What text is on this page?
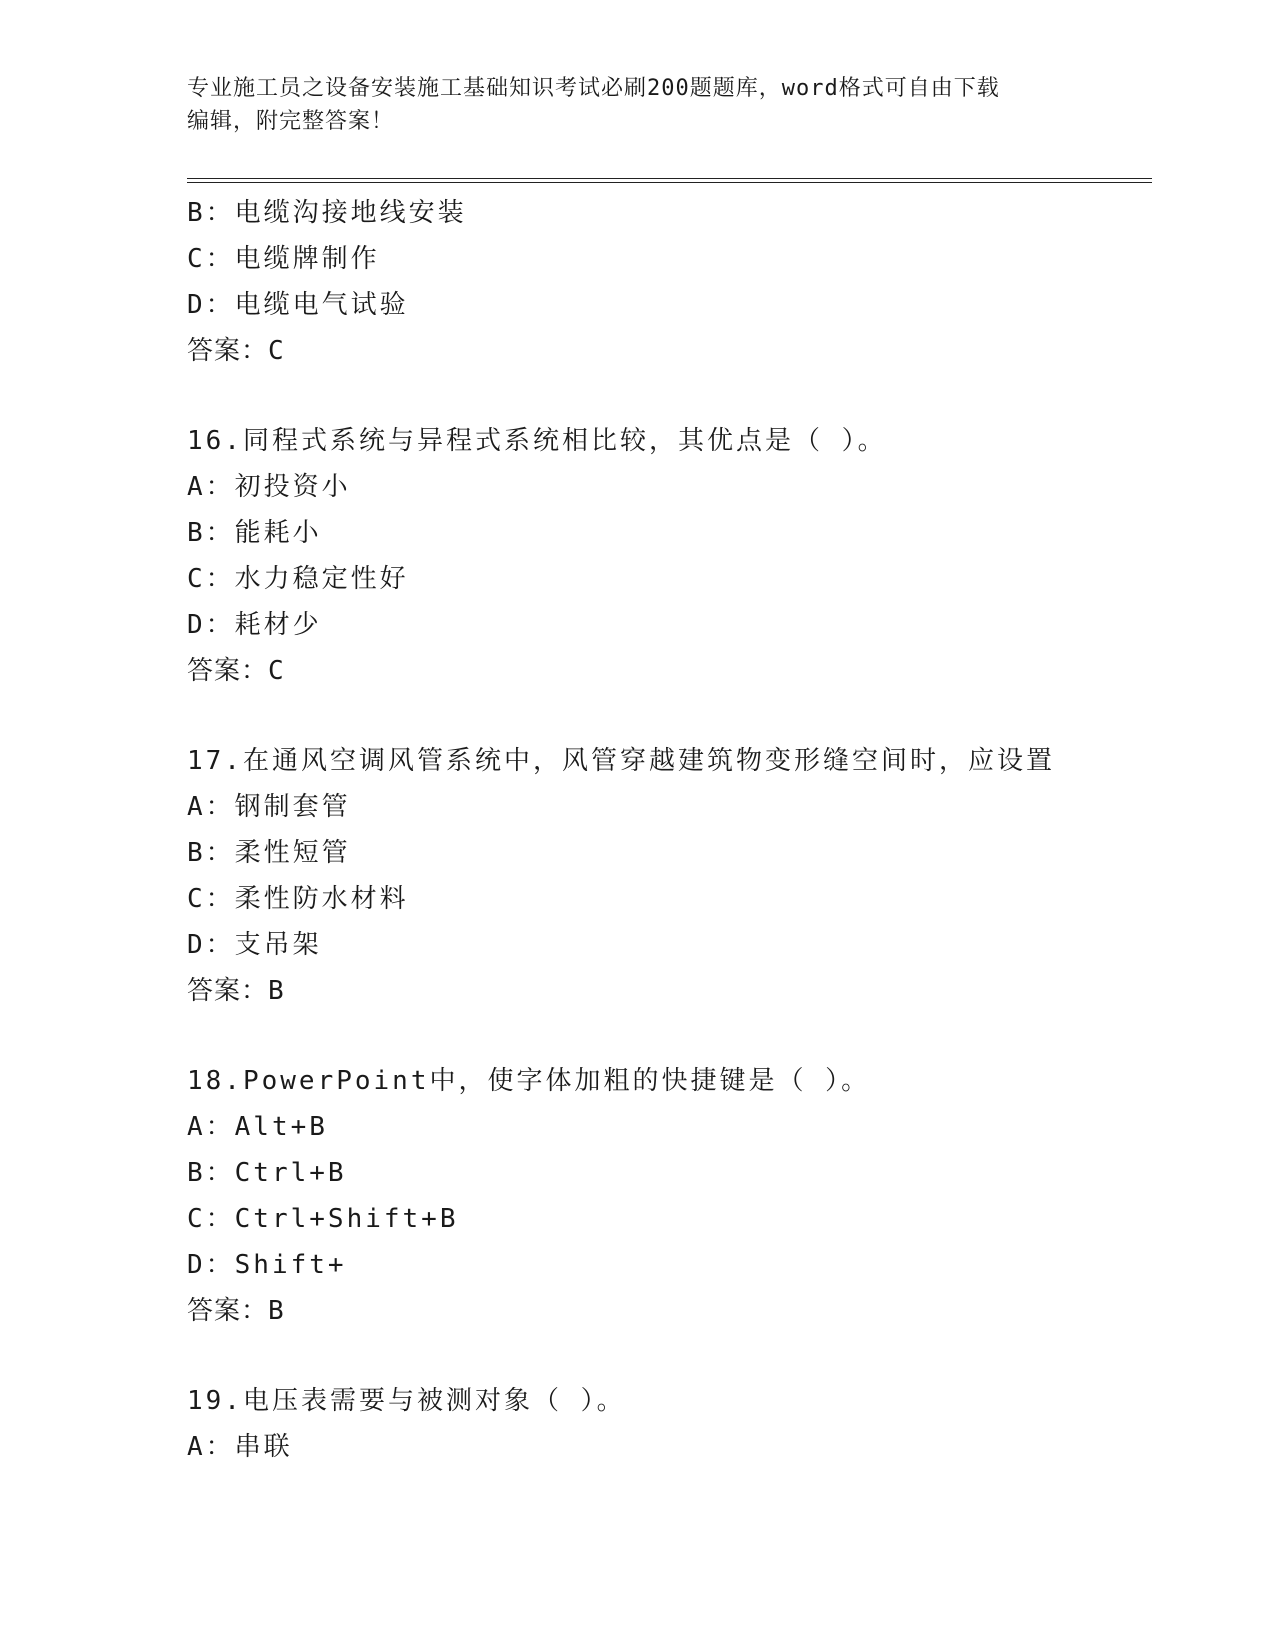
专业施工员之设备安装施工基础知识考试必刷200题题库，word格式可自由下载
编辑，附完整答案！
B：电缆沟接地线安装
C：电缆牌制作
D：电缆电气试验
答案：C
16.同程式系统与异程式系统相比较，其优点是（ ）。
A：初投资小
B：能耗小
C：水力稳定性好
D：耗材少
答案：C
17.在通风空调风管系统中，风管穿越建筑物变形缝空间时，应设置
A：钢制套管
B：柔性短管
C：柔性防水材料
D：支吊架
答案：B
18.PowerPoint中，使字体加粗的快捷键是（ ）。
A：Alt+B
B：Ctrl+B
C：Ctrl+Shift+B
D：Shift+
答案：B
19.电压表需要与被测对象（ ）。
A：串联
